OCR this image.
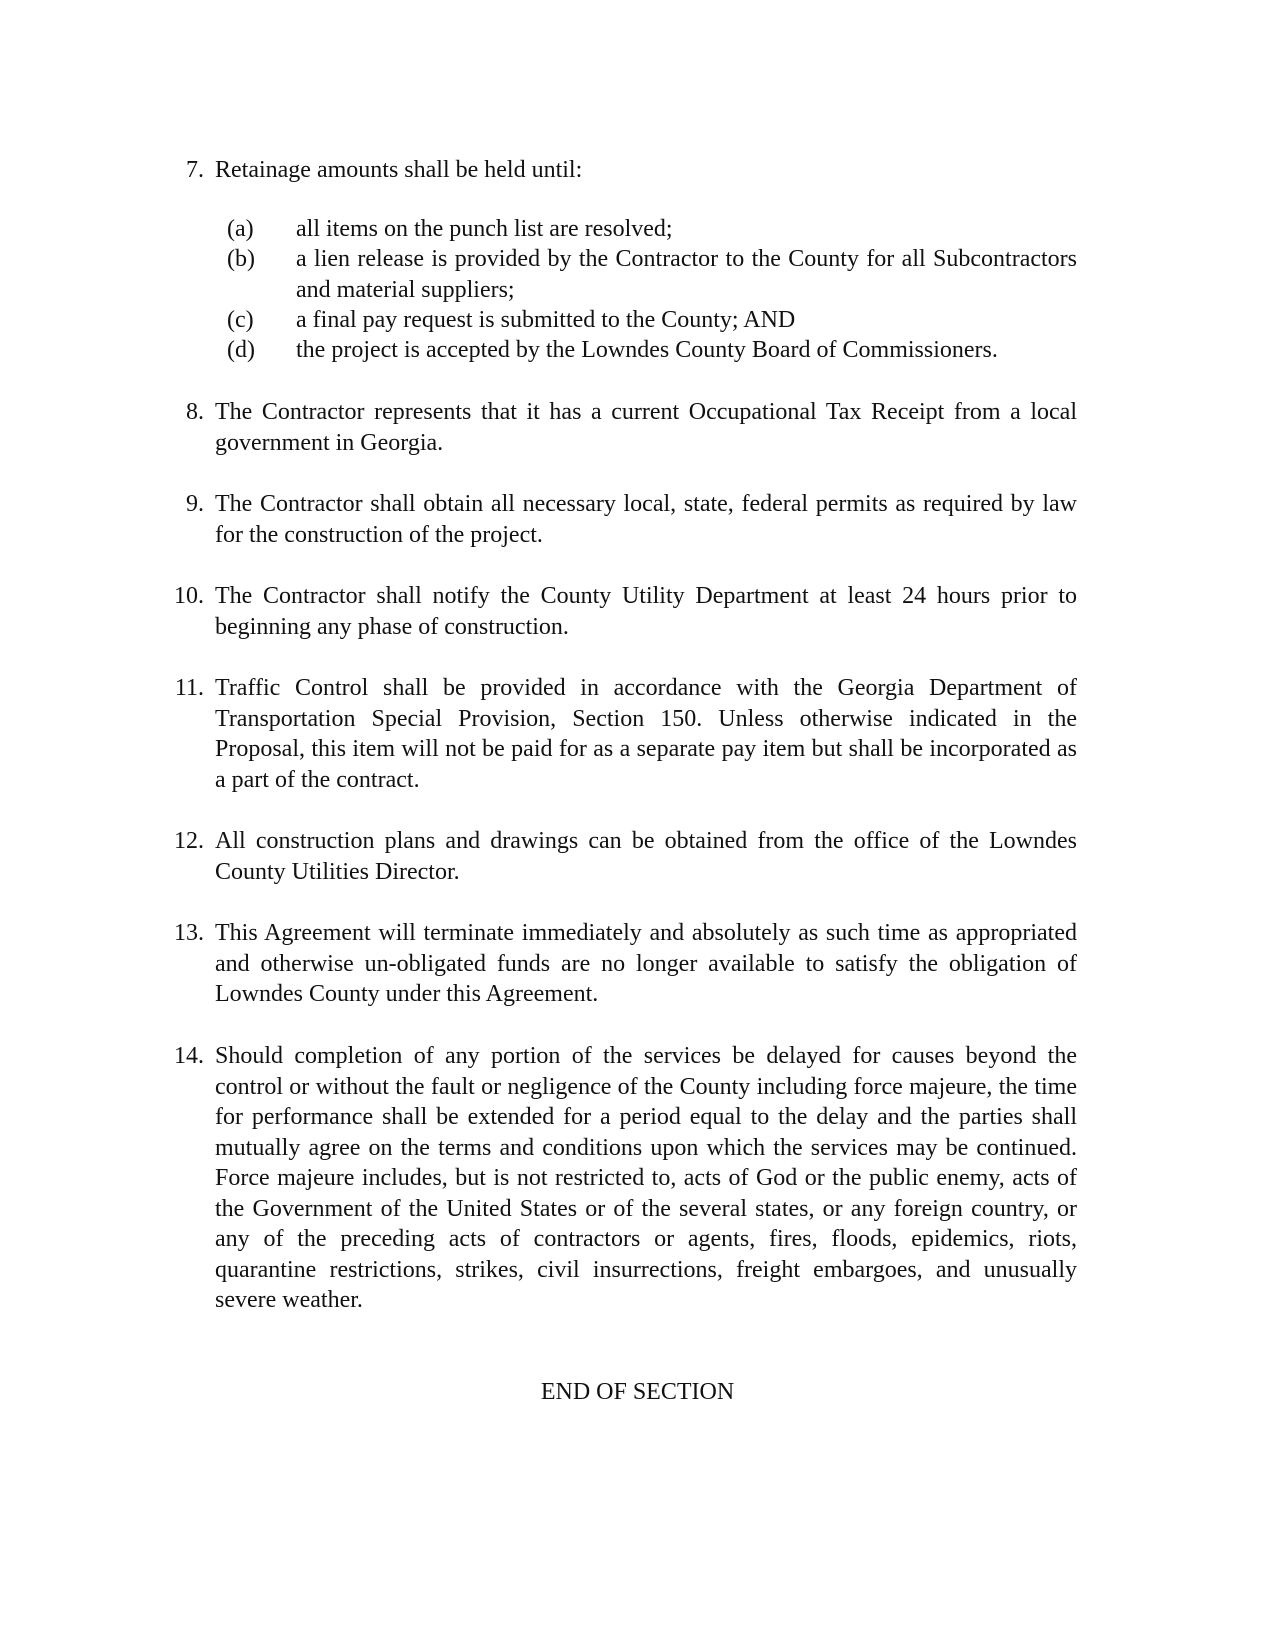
7. Retainage amounts shall be held until:
(a)	all items on the punch list are resolved;
(b)	a lien release is provided by the Contractor to the County for all Subcontractors and material suppliers;
(c)	a final pay request is submitted to the County; AND
(d)	the project is accepted by the Lowndes County Board of Commissioners.
8. The Contractor represents that it has a current Occupational Tax Receipt from a local government in Georgia.
9. The Contractor shall obtain all necessary local, state, federal permits as required by law for the construction of the project.
10. The Contractor shall notify the County Utility Department at least 24 hours prior to beginning any phase of construction.
11. Traffic Control shall be provided in accordance with the Georgia Department of Transportation Special Provision, Section 150. Unless otherwise indicated in the Proposal, this item will not be paid for as a separate pay item but shall be incorporated as a part of the contract.
12. All construction plans and drawings can be obtained from the office of the Lowndes County Utilities Director.
13. This Agreement will terminate immediately and absolutely as such time as appropriated and otherwise un-obligated funds are no longer available to satisfy the obligation of Lowndes County under this Agreement.
14. Should completion of any portion of the services be delayed for causes beyond the control or without the fault or negligence of the County including force majeure, the time for performance shall be extended for a period equal to the delay and the parties shall mutually agree on the terms and conditions upon which the services may be continued. Force majeure includes, but is not restricted to, acts of God or the public enemy, acts of the Government of the United States or of the several states, or any foreign country, or any of the preceding acts of contractors or agents, fires, floods, epidemics, riots, quarantine restrictions, strikes, civil insurrections, freight embargoes, and unusually severe weather.
END OF SECTION
